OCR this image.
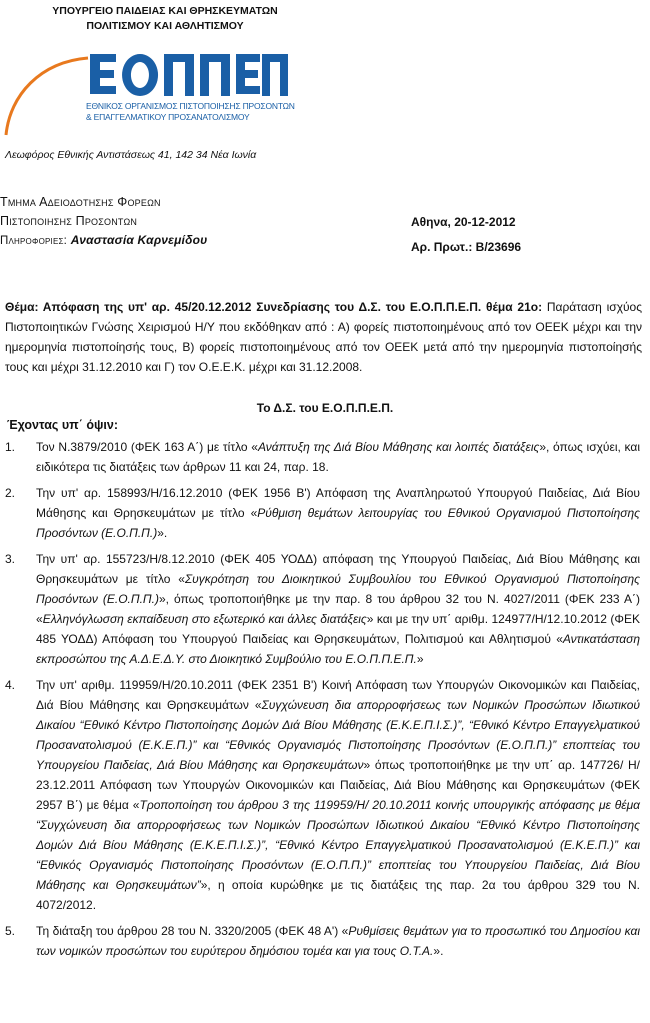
ΥΠΟΥΡΓΕΙΟ ΠΑΙΔΕΙΑΣ ΚΑΙ ΘΡΗΣΚΕΥΜΑΤΩΝ
ΠΟΛΙΤΙΣΜΟΥ ΚΑΙ ΑΘΛΗΤΙΣΜΟΥ
ΕΘΝΙΚΟΣ ΟΡΓΑΝΙΣΜΟΣ ΠΙΣΤΟΠΟΙΗΣΗΣ ΠΡΟΣΟΝΤΩΝ
& ΕΠΑΓΓΕΛΜΑΤΙΚΟΥ ΠΡΟΣΑΝΑΤΟΛΙΣΜΟΥ
Λεωφόρος Εθνικής Αντιστάσεως 41, 142 34 Νέα Ιωνία
Τμημα Αδειοδοτησης Φορεων
Πιστοποιησης Προσοντων
Πληροφοριες: Αναστασία Καρνεμίδου
Αθηνα, 20-12-2012
Αρ. Πρωτ.: Β/23696
Θέμα: Απόφαση της υπ' αρ. 45/20.12.2012 Συνεδρίασης του Δ.Σ. του Ε.Ο.Π.Π.Ε.Π. θέμα 21ο: Παράταση ισχύος Πιστοποιητικών Γνώσης Χειρισμού Η/Υ που εκδόθηκαν από : Α) φορείς πιστοποιημένους από τον ΟΕΕΚ μέχρι και την ημερομηνία πιστοποίησής τους, Β) φορείς πιστοποιημένους από τον ΟΕΕΚ μετά από την ημερομηνία πιστοποίησής τους και μέχρι 31.12.2010 και Γ) τον Ο.Ε.Ε.Κ. μέχρι και 31.12.2008.
Το Δ.Σ. του Ε.Ο.Π.Π.Ε.Π.
Έχοντας υπ΄ όψιν:
1. Τον Ν.3879/2010 (ΦΕΚ 163 Α΄) με τίτλο «Ανάπτυξη της Διά Βίου Μάθησης και λοιπές διατάξεις», όπως ισχύει, και ειδικότερα τις διατάξεις των άρθρων 11 και 24, παρ. 18.
2. Την υπ' αρ. 158993/Η/16.12.2010 (ΦΕΚ 1956 Β') Απόφαση της Αναπληρωτού Υπουργού Παιδείας, Διά Βίου Μάθησης και Θρησκευμάτων με τίτλο «Ρύθμιση θεμάτων λειτουργίας του Εθνικού Οργανισμού Πιστοποίησης Προσόντων (Ε.Ο.Π.Π.)».
3. Την υπ' αρ. 155723/Η/8.12.2010 (ΦΕΚ 405 ΥΟΔΔ) απόφαση της Υπουργού Παιδείας, Διά Βίου Μάθησης και Θρησκευμάτων με τίτλο «Συγκρότηση του Διοικητικού Συμβουλίου του Εθνικού Οργανισμού Πιστοποίησης Προσόντων (Ε.Ο.Π.Π.)», όπως τροποποιήθηκε με την παρ. 8 του άρθρου 32 του Ν. 4027/2011 (ΦΕΚ 233 Α΄) «Ελληνόγλωσση εκπαίδευση στο εξωτερικό και άλλες διατάξεις» και με την υπ΄ αριθμ. 124977/Η/12.10.2012 (ΦΕΚ 485 ΥΟΔΔ) Απόφαση του Υπουργού Παιδείας και Θρησκευμάτων, Πολιτισμού και Αθλητισμού «Αντικατάσταση εκπροσώπου της Α.Δ.Ε.Δ.Υ. στο Διοικητικό Συμβούλιο του Ε.Ο.Π.Π.Ε.Π.»
4. Την υπ' αριθμ. 119959/Η/20.10.2011 (ΦΕΚ 2351 Β') Κοινή Απόφαση των Υπουργών Οικονομικών και Παιδείας, Διά Βίου Μάθησης και Θρησκευμάτων «Συγχώνευση δια απορροφήσεως των Νομικών Προσώπων Ιδιωτικού Δικαίου “Εθνικό Κέντρο Πιστοποίησης Δομών Διά Βίου Μάθησης (Ε.Κ.Ε.Π.Ι.Σ.)”, “Εθνικό Κέντρο Επαγγελματικού Προσανατολισμού (Ε.Κ.Ε.Π.)” και “Εθνικός Οργανισμός Πιστοποίησης Προσόντων (Ε.Ο.Π.Π.)” εποπτείας του Υπουργείου Παιδείας, Διά Βίου Μάθησης και Θρησκευμάτων» όπως τροποποιήθηκε με την υπ΄ αρ. 147726/ Η/ 23.12.2011 Απόφαση των Υπουργών Οικονομικών και Παιδείας, Διά Βίου Μάθησης και Θρησκευμάτων (ΦΕΚ 2957 Β΄) με θέμα «Τροποποίηση του άρθρου 3 της 119959/Η/ 20.10.2011 κοινής υπουργικής απόφασης με θέμα “Συγχώνευση δια απορροφήσεως των Νομικών Προσώπων Ιδιωτικού Δικαίου “Εθνικό Κέντρο Πιστοποίησης Δομών Διά Βίου Μάθησης (Ε.Κ.Ε.Π.Ι.Σ.)”, “Εθνικό Κέντρο Επαγγελματικού Προσανατολισμού (Ε.Κ.Ε.Π.)” και “Εθνικός Οργανισμός Πιστοποίησης Προσόντων (Ε.Ο.Π.Π.)” εποπτείας του Υπουργείου Παιδείας, Διά Βίου Μάθησης και Θρησκευμάτων”», η οποία κυρώθηκε με τις διατάξεις της παρ. 2α του άρθρου 329 του Ν. 4072/2012.
5. Τη διάταξη του άρθρου 28 του Ν. 3320/2005 (ΦΕΚ 48 Α') «Ρυθμίσεις θεμάτων για το προσωπικό του Δημοσίου και των νομικών προσώπων του ευρύτερου δημόσιου τομέα και για τους Ο.Τ.Α.».
